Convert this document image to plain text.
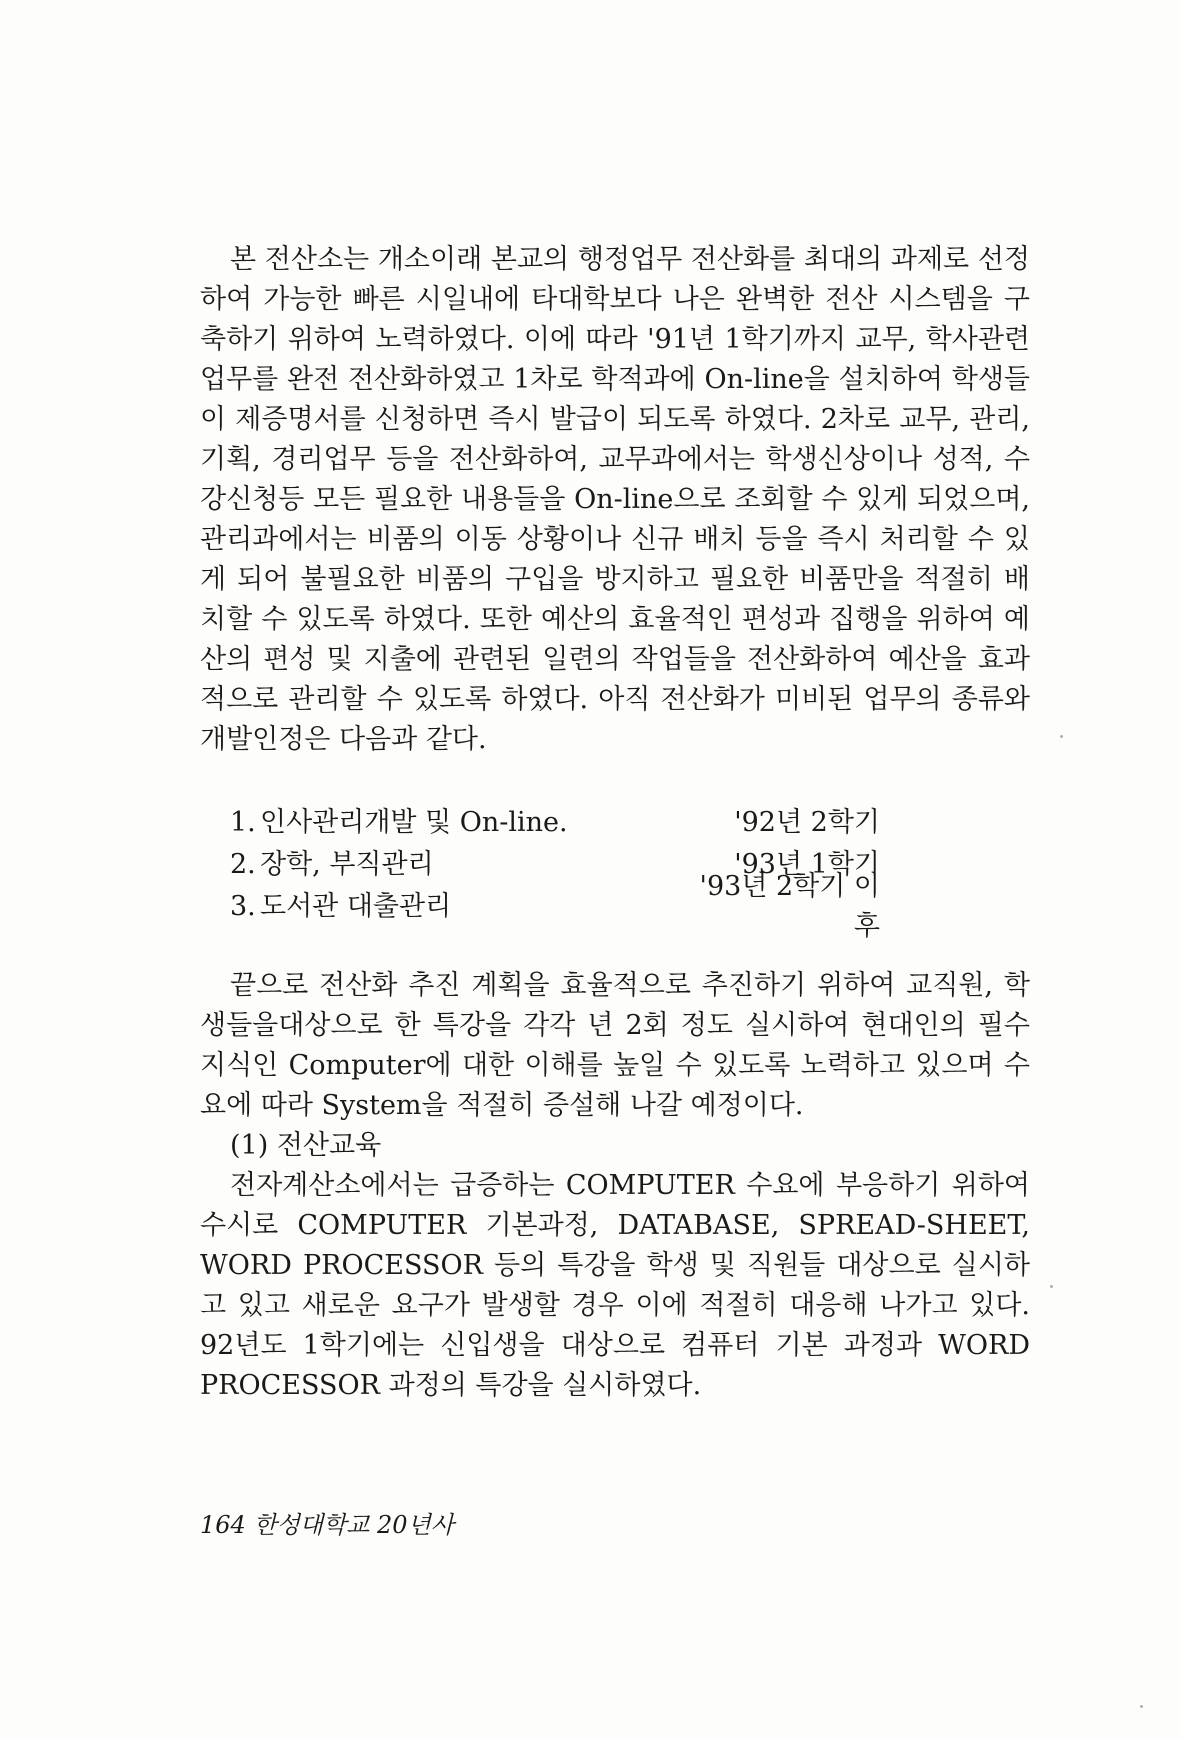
본 전산소는 개소이래 본교의 행정업무 전산화를 최대의 과제로 선정하여 가능한 빠른 시일내에 타대학보다 나은 완벽한 전산 시스템을 구축하기 위하여 노력하였다. 이에 따라 '91년 1학기까지 교무, 학사관련 업무를 완전 전산화하였고 1차로 학적과에 On-line을 설치하여 학생들이 제증명서를 신청하면 즉시 발급이 되도록 하였다. 2차로 교무, 관리, 기획, 경리업무 등을 전산화하여, 교무과에서는 학생신상이나 성적, 수강신청등 모든 필요한 내용들을 On-line으로 조회할 수 있게 되었으며, 관리과에서는 비품의 이동 상황이나 신규 배치 등을 즉시 처리할 수 있게 되어 불필요한 비품의 구입을 방지하고 필요한 비품만을 적절히 배치할 수 있도록 하였다. 또한 예산의 효율적인 편성과 집행을 위하여 예산의 편성 및 지출에 관련된 일련의 작업들을 전산화하여 예산을 효과적으로 관리할 수 있도록 하였다. 아직 전산화가 미비된 업무의 종류와 개발인정은 다음과 같다.

1. 인사관리개발 및 On-line.	'92년 2학기
2. 장학, 부직관리	'93년 1학기
3. 도서관 대출관리
'93년 2학기 이후

끝으로 전산화 추진 계획을 효율적으로 추진하기 위하여 교직원, 학생들을대상으로 한 특강을 각각 년 2회 정도 실시하여 현대인의 필수 지식인 Computer에 대한 이해를 높일 수 있도록 노력하고 있으며 수요에 따라 System을 적절히 증설해 나갈 예정이다.

(1) 전산교육

전자계산소에서는 급증하는 COMPUTER 수요에 부응하기 위하여 수시로 COMPUTER 기본과정, DATABASE, SPREAD-SHEET, WORD PROCESSOR 등의 특강을 학생 및 직원들 대상으로 실시하고 있고 새로운 요구가 발생할 경우 이에 적절히 대응해 나가고 있다. 92년도 1학기에는 신입생을 대상으로 컴퓨터 기본 과정과 WORD PROCESSOR 과정의 특강을 실시하였다.

164 한성대학교 20년사
